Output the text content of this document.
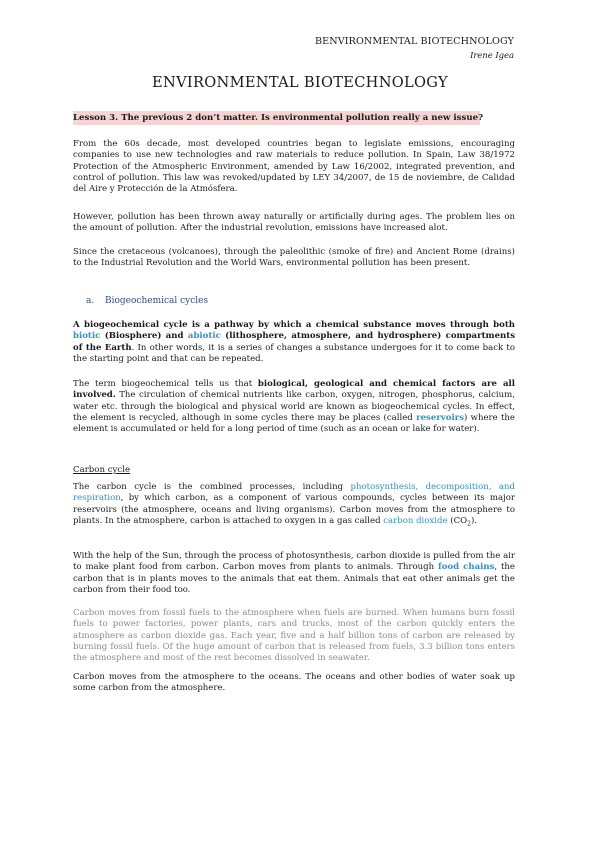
BENVIRONMENTAL BIOTECHNOLOGY
Irene Igea
ENVIRONMENTAL BIOTECHNOLOGY
Lesson 3. The previous 2 don’t matter. Is environmental pollution really a new issue?

From the 60s decade, most developed countries began to legislate emissions, encouraging companies to use new technologies and raw materials to reduce pollution. In Spain, Law 38/1972 Protection of the Atmospheric Environment, amended by Law 16/2002, integrated prevention, and control of pollution. This law was revoked/updated by LEY 34/2007, de 15 de noviembre, de Calidad del Aire y Protección de la Atmósfera.

However, pollution has been thrown away naturally or artificially during ages. The problem lies on the amount of pollution. After the industrial revolution, emissions have increased alot.

Since the cretaceous (volcanoes), through the paleolithic (smoke of fire) and Ancient Rome (drains) to the Industrial Revolution and the World Wars, environmental pollution has been present.

a. Biogeochemical cycles

A biogeochemical cycle is a pathway by which a chemical substance moves through both biotic (Biosphere) and abiotic (lithosphere, atmosphere, and hydrosphere) compartments of the Earth. In other words, it is a series of changes a substance undergoes for it to come back to the starting point and that can be repeated.

The term biogeochemical tells us that biological, geological and chemical factors are all involved. The circulation of chemical nutrients like carbon, oxygen, nitrogen, phosphorus, calcium, water etc. through the biological and physical world are known as biogeochemical cycles. In effect, the element is recycled, although in some cycles there may be places (called reservoirs) where the element is accumulated or held for a long period of time (such as an ocean or lake for water).

Carbon cycle

The carbon cycle is the combined processes, including photosynthesis, decomposition, and respiration, by which carbon, as a component of various compounds, cycles between its major reservoirs (the atmosphere, oceans and living organisms). Carbon moves from the atmosphere to plants. In the atmosphere, carbon is attached to oxygen in a gas called carbon dioxide $(CO_2)$.

With the help of the Sun, through the process of photosynthesis, carbon dioxide is pulled from the air to make plant food from carbon. Carbon moves from plants to animals. Through food chains, the carbon that is in plants moves to the animals that eat them. Animals that eat other animals get the carbon from their food too.

Carbon moves from fossil fuels to the atmosphere when fuels are burned. When humans burn fossil fuels to power factories, power plants, cars and trucks, most of the carbon quickly enters the atmosphere as carbon dioxide gas. Each year, five and a half billion tons of carbon are released by burning fossil fuels. Of the huge amount of carbon that is released from fuels, 3.3 billion tons enters the atmosphere and most of the rest becomes dissolved in seawater.

Carbon moves from the atmosphere to the oceans. The oceans and other bodies of water soak up some carbon from the atmosphere.
